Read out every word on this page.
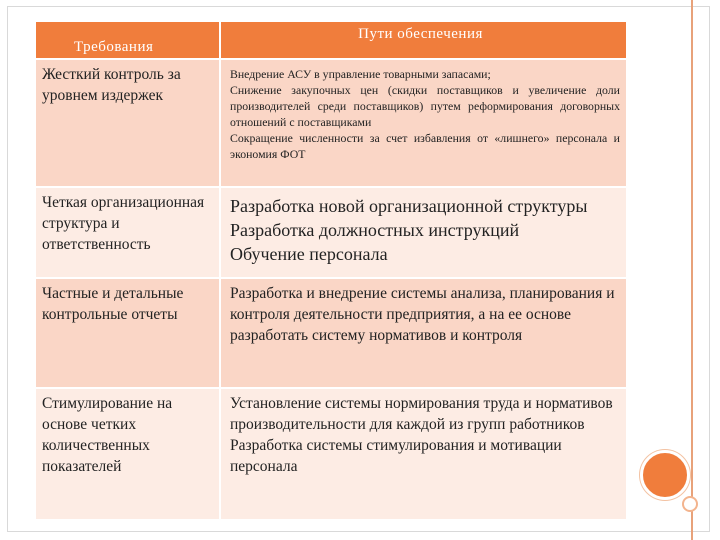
Требования	Пути обеспечения
Жесткий контроль за уровнем издержек	Внедрение АСУ в управление товарными запасами;
Снижение закупочных цен (скидки поставщиков и увеличение доли производителей среди поставщиков) путем реформирования договорных отношений с поставщиками
Сокращение численности за счет избавления от «лишнего» персонала и экономия ФОТ

Четкая организационная структура и ответственность	Разработка новой организационной структуры
Разработка должностных инструкций
Обучение персонала

Частные и детальные контрольные отчеты	Разработка и внедрение системы анализа, планирования и контроля деятельности предприятия, а на ее основе разработать систему нормативов и контроля

Стимулирование на основе четких количественных показателей	Установление системы нормирования труда и нормативов производительности для каждой из групп работников
Разработка системы стимулирования и мотивации персонала
